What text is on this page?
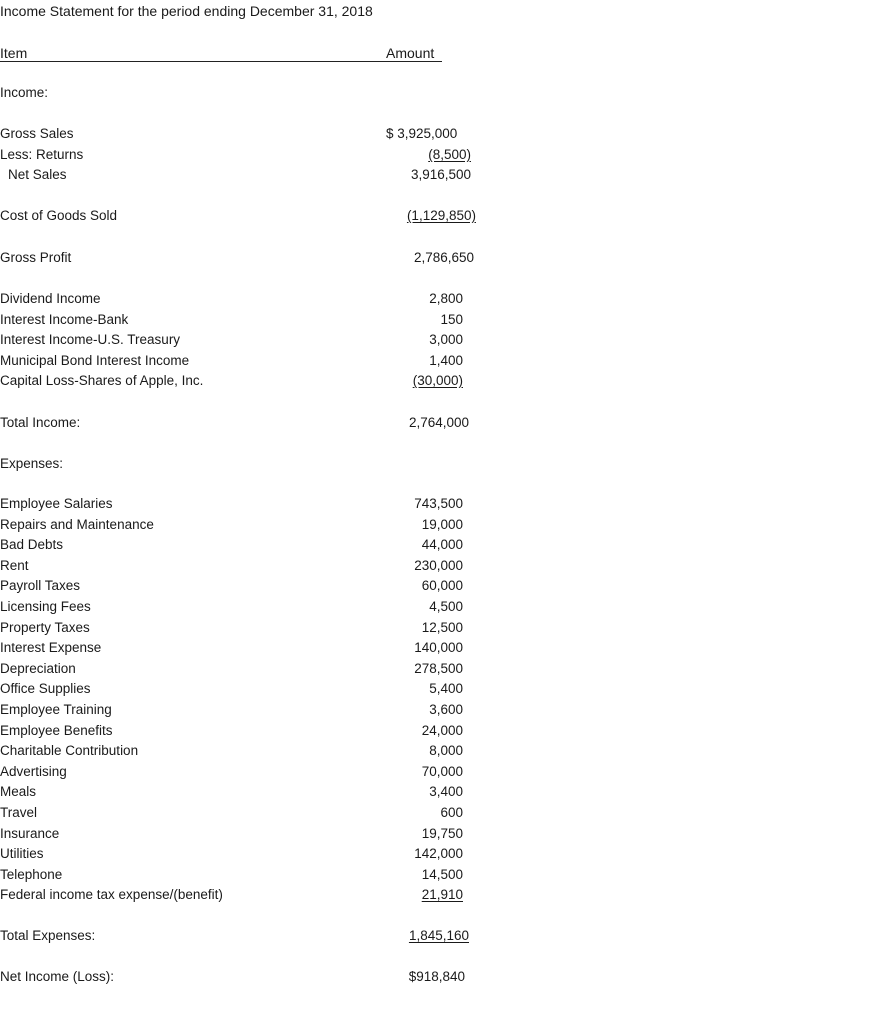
Income Statement for the period ending December 31, 2018
Item	Amount
Income:
Gross Sales	$ 3,925,000
Less: Returns	(8,500)
Net Sales	3,916,500
Cost of Goods Sold	(1,129,850)
Gross Profit	2,786,650
Dividend Income	2,800
Interest Income-Bank	150
Interest Income-U.S. Treasury	3,000
Municipal Bond Interest Income	1,400
Capital Loss-Shares of Apple, Inc.	(30,000)
Total Income:	2,764,000
Expenses:
Employee Salaries	743,500
Repairs and Maintenance	19,000
Bad Debts	44,000
Rent	230,000
Payroll Taxes	60,000
Licensing Fees	4,500
Property Taxes	12,500
Interest Expense	140,000
Depreciation	278,500
Office Supplies	5,400
Employee Training	3,600
Employee Benefits	24,000
Charitable Contribution	8,000
Advertising	70,000
Meals	3,400
Travel	600
Insurance	19,750
Utilities	142,000
Telephone	14,500
Federal income tax expense/(benefit)	21,910
Total Expenses:	1,845,160
Net Income (Loss):	$918,840
